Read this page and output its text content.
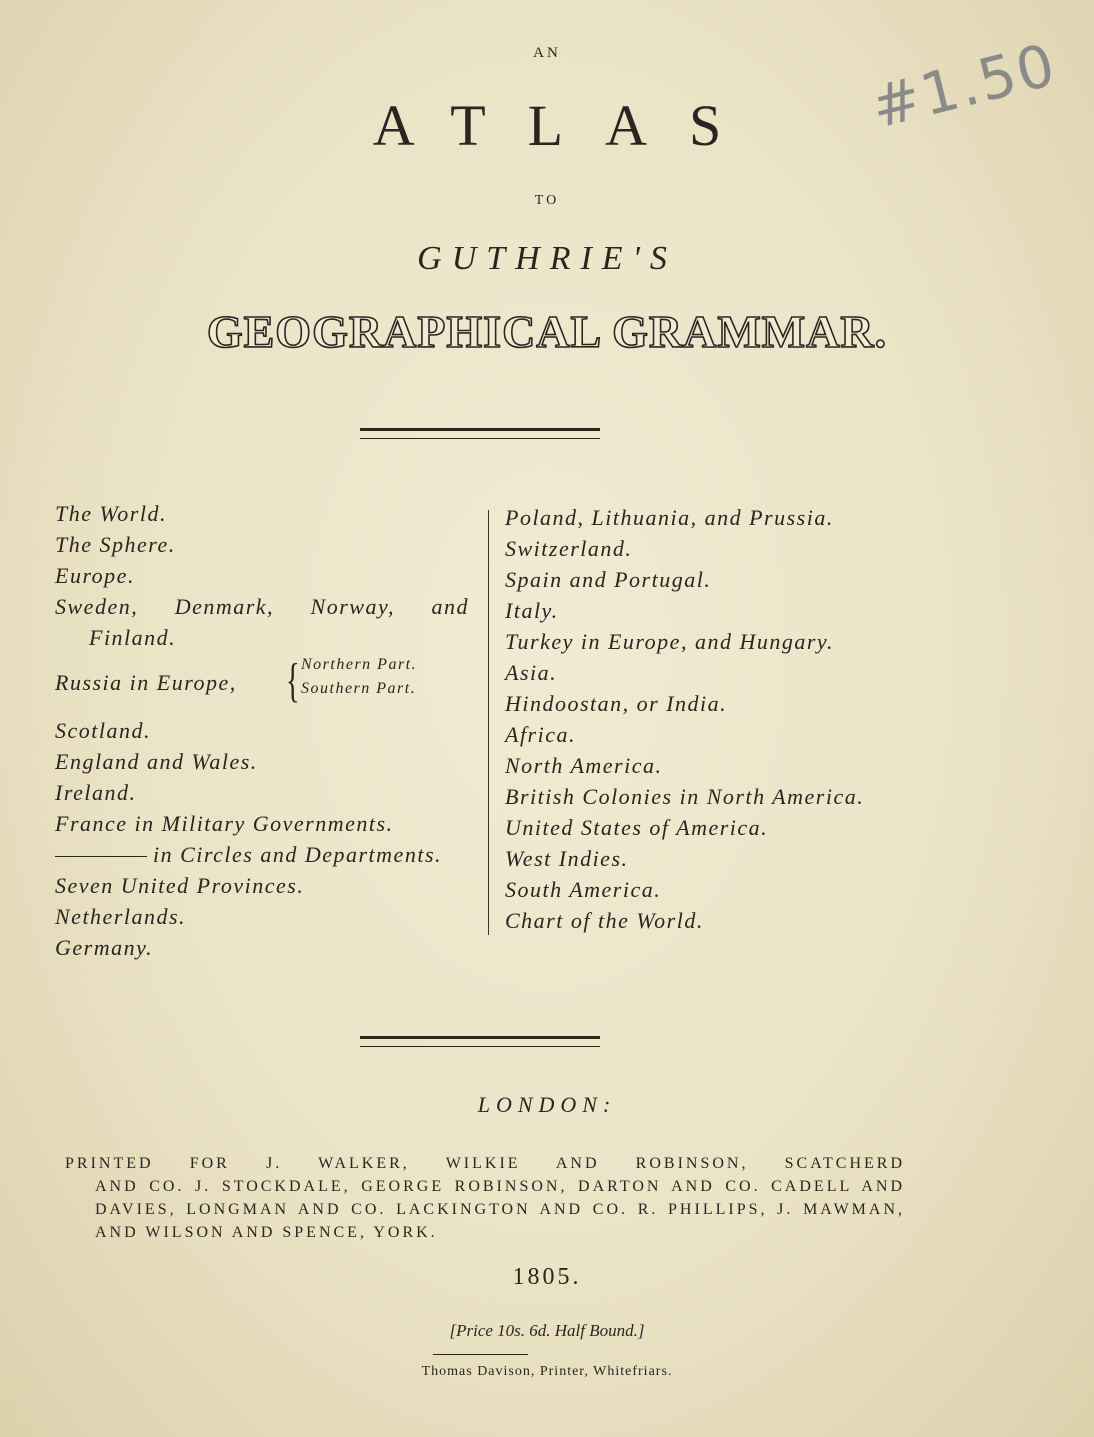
#1.50
AN
ATLAS
TO
GUTHRIE'S
GEOGRAPHICAL GRAMMAR.
The World.
The Sphere.
Europe.
Sweden, Denmark, Norway, and
Finland.
Russia in Europe, { Northern Part.
Southern Part.
Scotland.
England and Wales.
Ireland.
France in Military Governments.
in Circles and Departments.
Seven United Provinces.
Netherlands.
Germany.
Poland, Lithuania, and Prussia.
Switzerland.
Spain and Portugal.
Italy.
Turkey in Europe, and Hungary.
Asia.
Hindoostan, or India.
Africa.
North America.
British Colonies in North America.
United States of America.
West Indies.
South America.
Chart of the World.
LONDON:
PRINTED FOR J. WALKER, WILKIE AND ROBINSON, SCATCHERD
AND CO. J. STOCKDALE, GEORGE ROBINSON, DARTON AND CO. CADELL AND DAVIES, LONGMAN AND CO. LACKINGTON AND CO. R. PHILLIPS, J. MAWMAN, AND WILSON AND SPENCE, YORK.
1805.
[Price 10s. 6d. Half Bound.]
Thomas Davison, Printer, Whitefriars.
